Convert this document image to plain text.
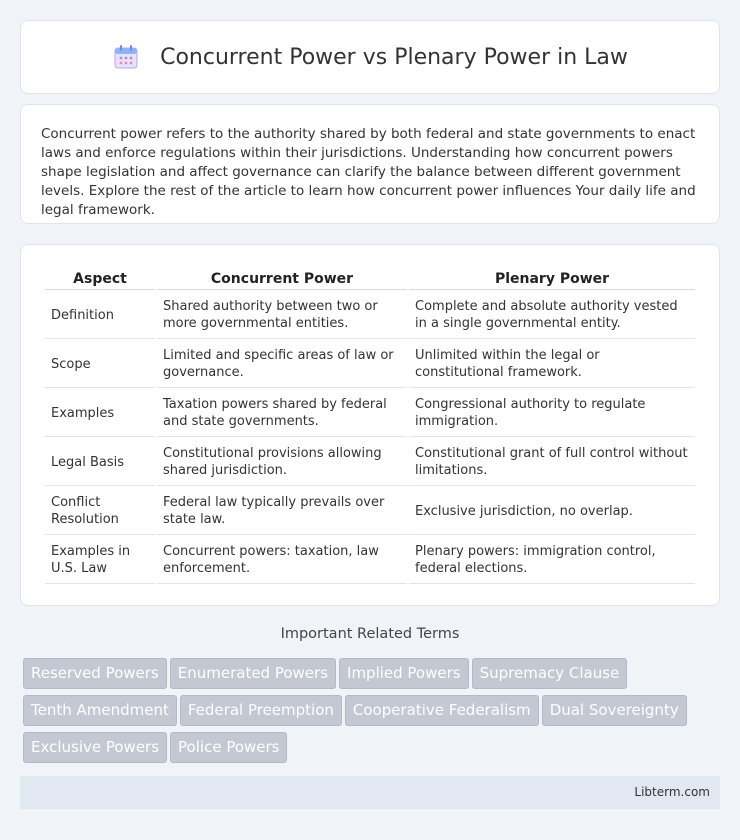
Concurrent Power vs Plenary Power in Law

Concurrent power refers to the authority shared by both federal and state governments to enact laws and enforce regulations within their jurisdictions. Understanding how concurrent powers shape legislation and affect governance can clarify the balance between different government levels. Explore the rest of the article to learn how concurrent power influences Your daily life and legal framework.

Aspect	Concurrent Power	Plenary Power
Definition	Shared authority between two or more governmental entities.	Complete and absolute authority vested in a single governmental entity.
Scope	Limited and specific areas of law or governance.	Unlimited within the legal or constitutional framework.
Examples	Taxation powers shared by federal and state governments.	Congressional authority to regulate immigration.
Legal Basis	Constitutional provisions allowing shared jurisdiction.	Constitutional grant of full control without limitations.
Conflict Resolution	Federal law typically prevails over state law.	Exclusive jurisdiction, no overlap.
Examples in U.S. Law	Concurrent powers: taxation, law enforcement.	Plenary powers: immigration control, federal elections.
Important Related Terms
Reserved Powers Enumerated Powers Implied Powers Supremacy Clause
Tenth Amendment Federal Preemption Cooperative Federalism Dual Sovereignty
Exclusive Powers Police Powers
Libterm.com
